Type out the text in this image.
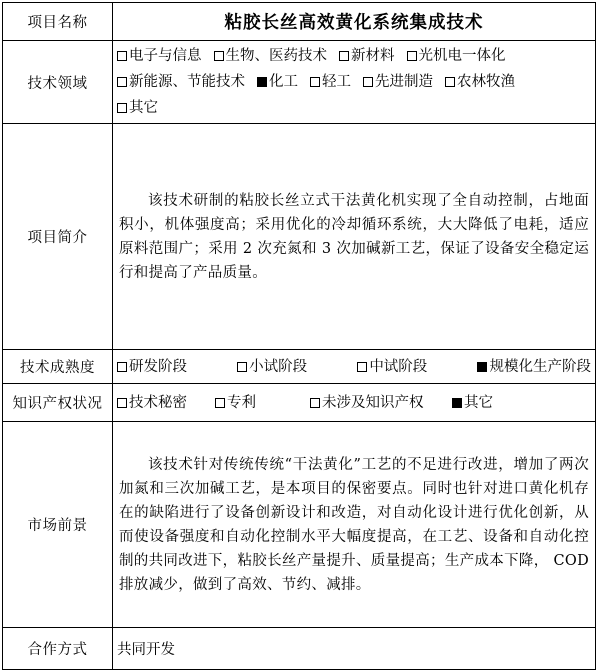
项目名称	粘胶长丝高效黄化系统集成技术
技术领域	电子与信息 生物、医药技术 新材料 光机电一体化
新能源、节能技术 化工 轻工 先进制造 农林牧渔
其它

项目简介	该技术研制的粘胶长丝立式干法黄化机实现了全自动控制，占地面积小，机体强度高；采用优化的冷却循环系统，大大降低了电耗，适应原料范围广；采用 2 次充氮和 3 次加碱新工艺，保证了设备安全稳定运行和提高了产品质量。

技术成熟度	研发阶段 小试阶段 中试阶段 规模化生产阶段

知识产权状况	技术秘密 专利 未涉及知识产权 其它

市场前景	该技术针对传统传统“干法黄化”工艺的不足进行改进，增加了两次加氮和三次加碱工艺，是本项目的保密要点。同时也针对进口黄化机存在的缺陷进行了设备创新设计和改造，对自动化设计进行优化创新，从而使设备强度和自动化控制水平大幅度提高，在工艺、设备和自动化控制的共同改进下，粘胶长丝产量提升、质量提高；生产成本下降， COD 排放减少，做到了高效、节约、减排。

合作方式	共同开发
